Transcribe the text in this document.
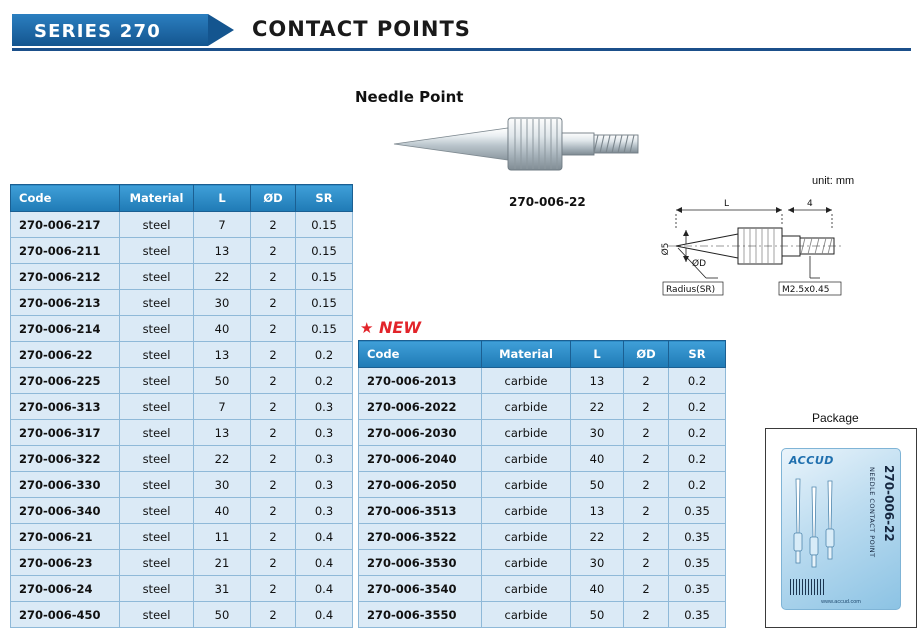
SERIES 270	CONTACT POINTS
Needle Point
270-006-22
unit: mm
L	4
Ø5
ØD
Radius(SR)	M2.5x0.45
Code	Material	L	ØD	SR
270-006-217	steel	7	2	0.15
270-006-211	steel	13	2	0.15
270-006-212	steel	22	2	0.15
270-006-213	steel	30	2	0.15
270-006-214	steel	40	2	0.15
270-006-22	steel	13	2	0.2
270-006-225	steel	50	2	0.2
270-006-313	steel	7	2	0.3
270-006-317	steel	13	2	0.3
270-006-322	steel	22	2	0.3
270-006-330	steel	30	2	0.3
270-006-340	steel	40	2	0.3
270-006-21	steel	11	2	0.4
270-006-23	steel	21	2	0.4
270-006-24	steel	31	2	0.4
270-006-450	steel	50	2	0.4
★ NEW
Code	Material	L	ØD	SR
270-006-2013	carbide	13	2	0.2
270-006-2022	carbide	22	2	0.2
270-006-2030	carbide	30	2	0.2
270-006-2040	carbide	40	2	0.2
270-006-2050	carbide	50	2	0.2
270-006-3513	carbide	13	2	0.35
270-006-3522	carbide	22	2	0.35
270-006-3530	carbide	30	2	0.35
270-006-3540	carbide	40	2	0.35
270-006-3550	carbide	50	2	0.35
Package
ACCUD
270-006-22
NEEDLE CONTACT POINT
www.accud.com
